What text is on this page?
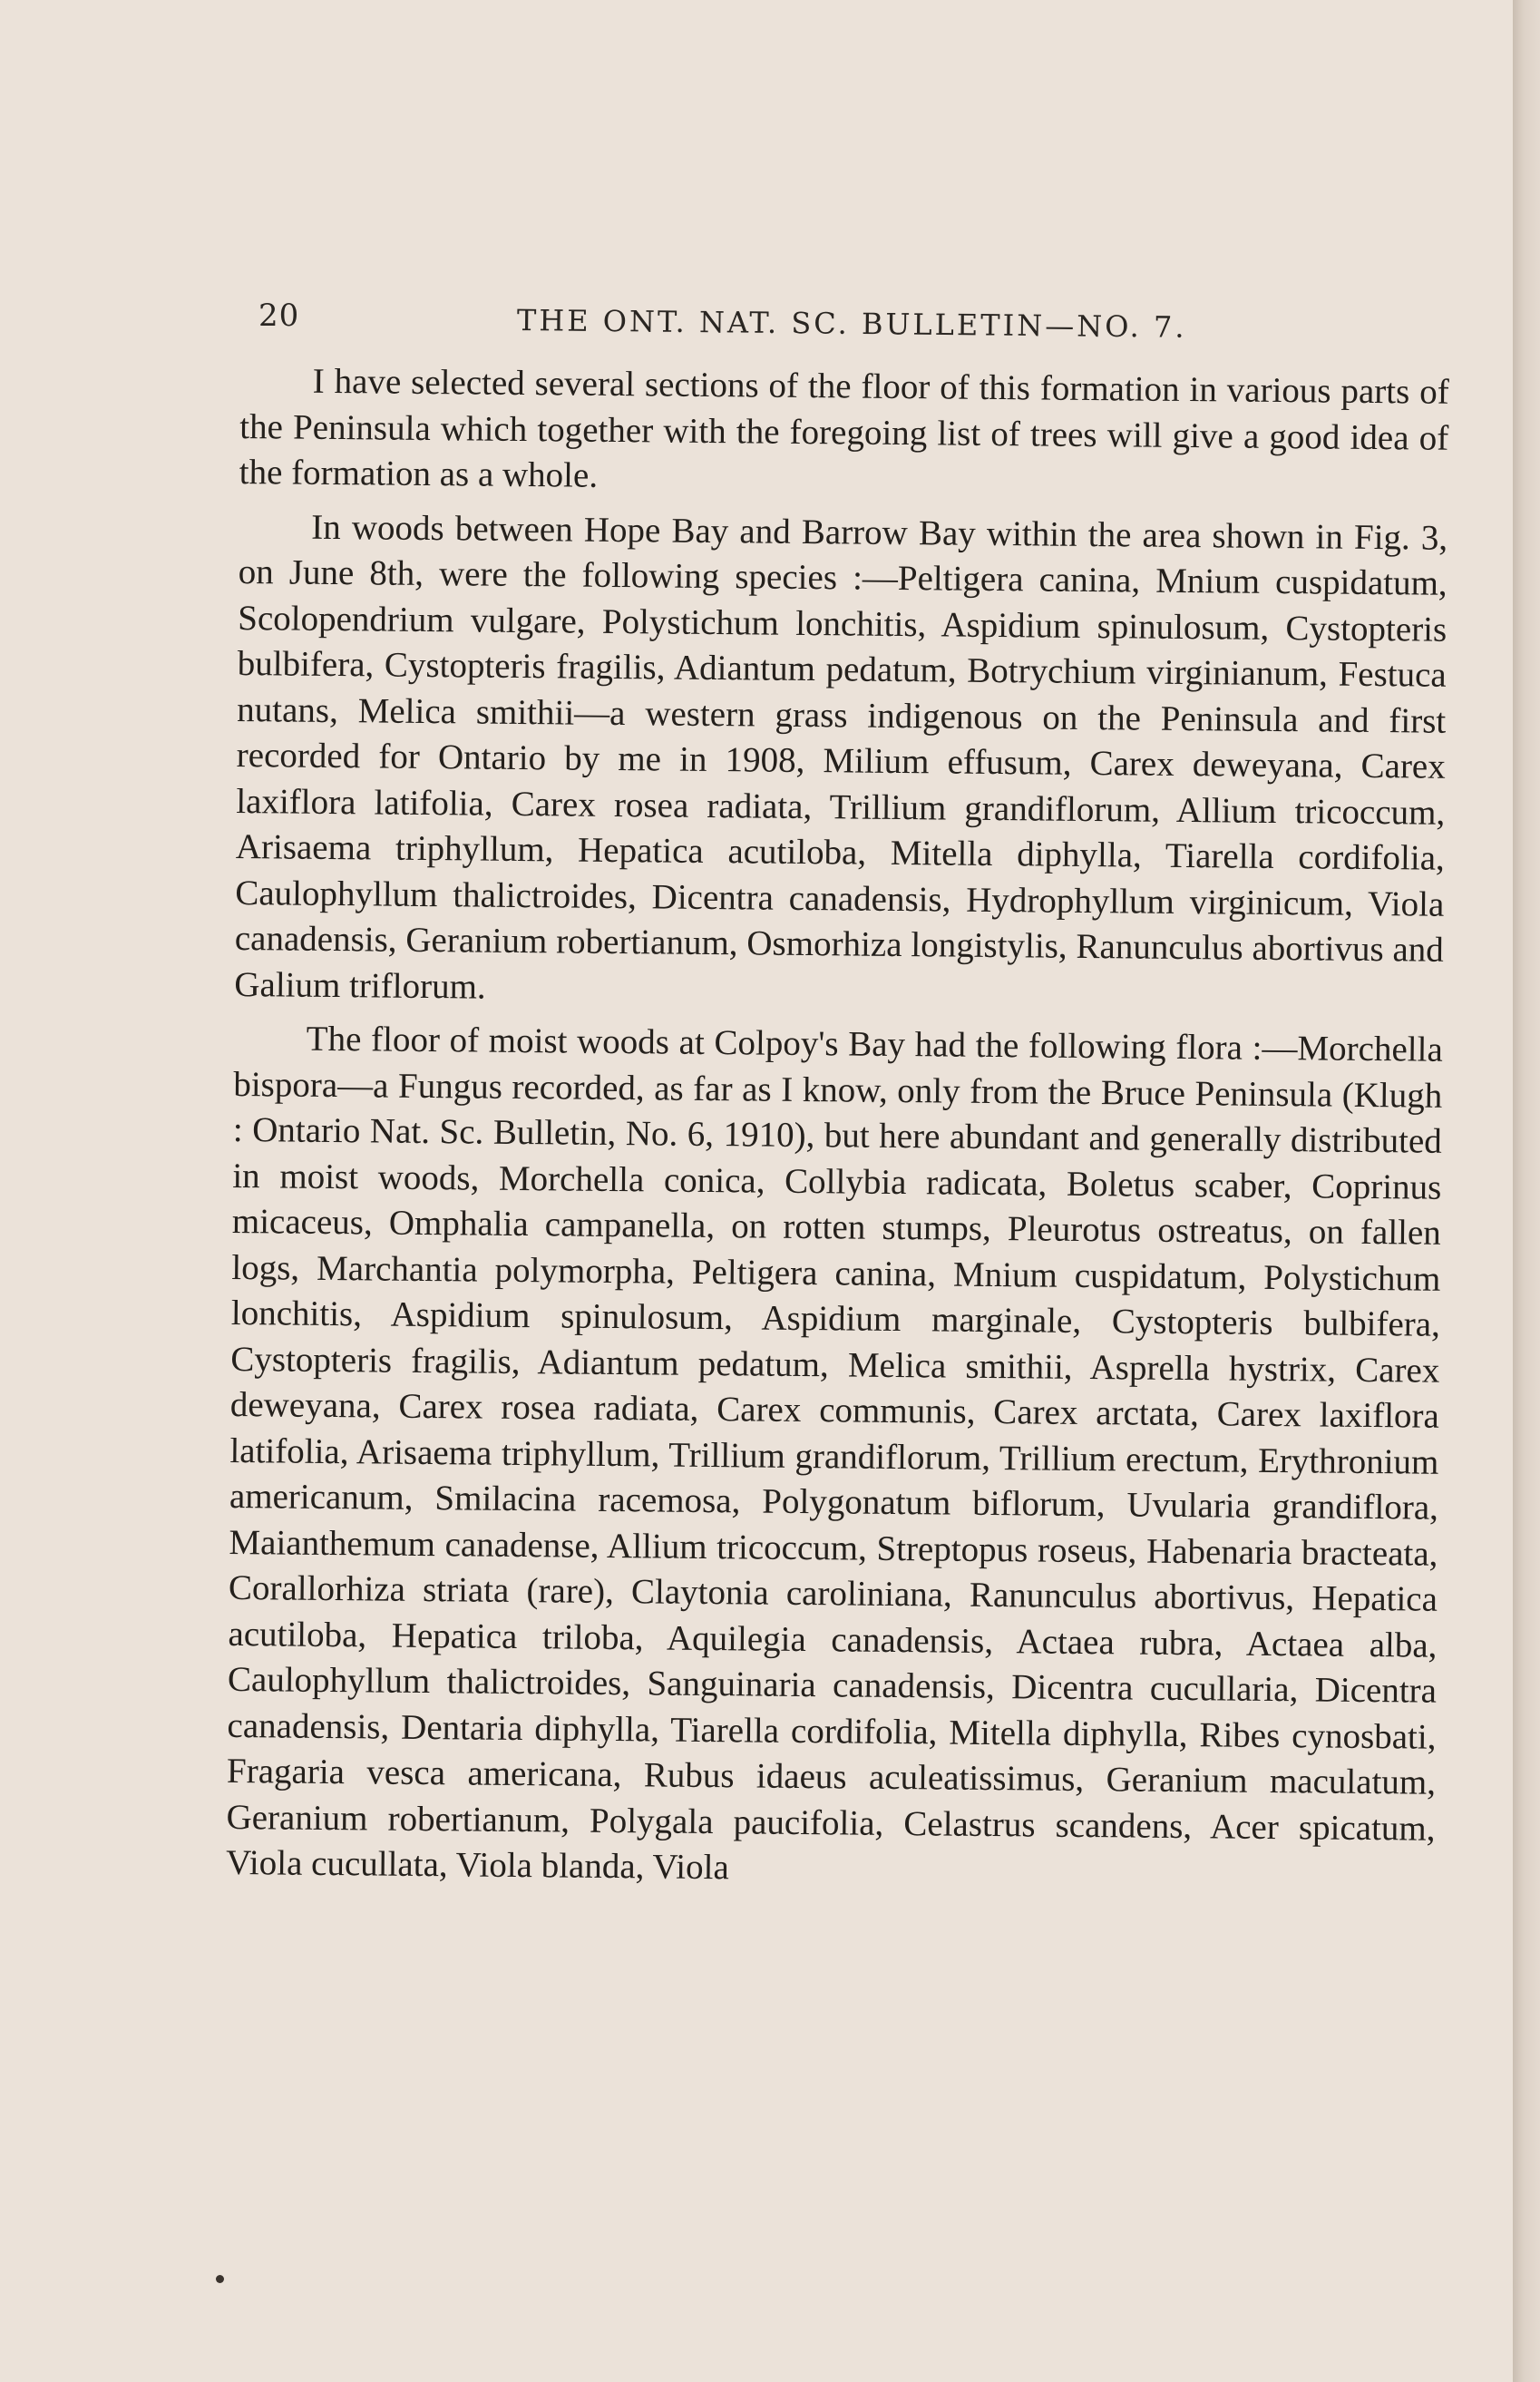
20	THE ONT. NAT. SC. BULLETIN—NO. 7.

I have selected several sections of the floor of this formation in various parts of the Peninsula which together with the foregoing list of trees will give a good idea of the formation as a whole.

In woods between Hope Bay and Barrow Bay within the area shown in Fig. 3, on June 8th, were the following species :—Peltigera canina, Mnium cuspidatum, Scolopendrium vulgare, Polystichum lonchitis, Aspidium spinulosum, Cystopteris bulbifera, Cystopteris fragilis, Adiantum pedatum, Botrychium virginianum, Festuca nutans, Melica smithii—a western grass indigenous on the Peninsula and first recorded for Ontario by me in 1908, Milium effusum, Carex deweyana, Carex laxiflora latifolia, Carex rosea radiata, Trillium grandiflorum, Allium tricoccum, Arisaema triphyllum, Hepatica acutiloba, Mitella diphylla, Tiarella cordifolia, Caulophyllum thalictroides, Dicentra canadensis, Hydrophyllum virginicum, Viola canadensis, Geranium robertianum, Osmorhiza longistylis, Ranunculus abortivus and Galium triflorum.

The floor of moist woods at Colpoy's Bay had the following flora :—Morchella bispora—a Fungus recorded, as far as I know, only from the Bruce Peninsula (Klugh : Ontario Nat. Sc. Bulletin, No. 6, 1910), but here abundant and generally distributed in moist woods, Morchella conica, Collybia radicata, Boletus scaber, Coprinus micaceus, Omphalia campanella, on rotten stumps, Pleurotus ostreatus, on fallen logs, Marchantia polymorpha, Peltigera canina, Mnium cuspidatum, Polystichum lonchitis, Aspidium spinulosum, Aspidium marginale, Cystopteris bulbifera, Cystopteris fragilis, Adiantum pedatum, Melica smithii, Asprella hystrix, Carex deweyana, Carex rosea radiata, Carex communis, Carex arctata, Carex laxiflora latifolia, Arisaema triphyllum, Trillium grandiflorum, Trillium erectum, Erythronium americanum, Smilacina racemosa, Polygonatum biflorum, Uvularia grandiflora, Maianthemum canadense, Allium tricoccum, Streptopus roseus, Habenaria bracteata, Corallorhiza striata (rare), Claytonia caroliniana, Ranunculus abortivus, Hepatica acutiloba, Hepatica triloba, Aquilegia canadensis, Actaea rubra, Actaea alba, Caulophyllum thalictroides, Sanguinaria canadensis, Dicentra cucullaria, Dicentra canadensis, Dentaria diphylla, Tiarella cordifolia, Mitella diphylla, Ribes cynosbati, Fragaria vesca americana, Rubus idaeus aculeatissimus, Geranium maculatum, Geranium robertianum, Polygala paucifolia, Celastrus scandens, Acer spicatum, Viola cucullata, Viola blanda, Viola
